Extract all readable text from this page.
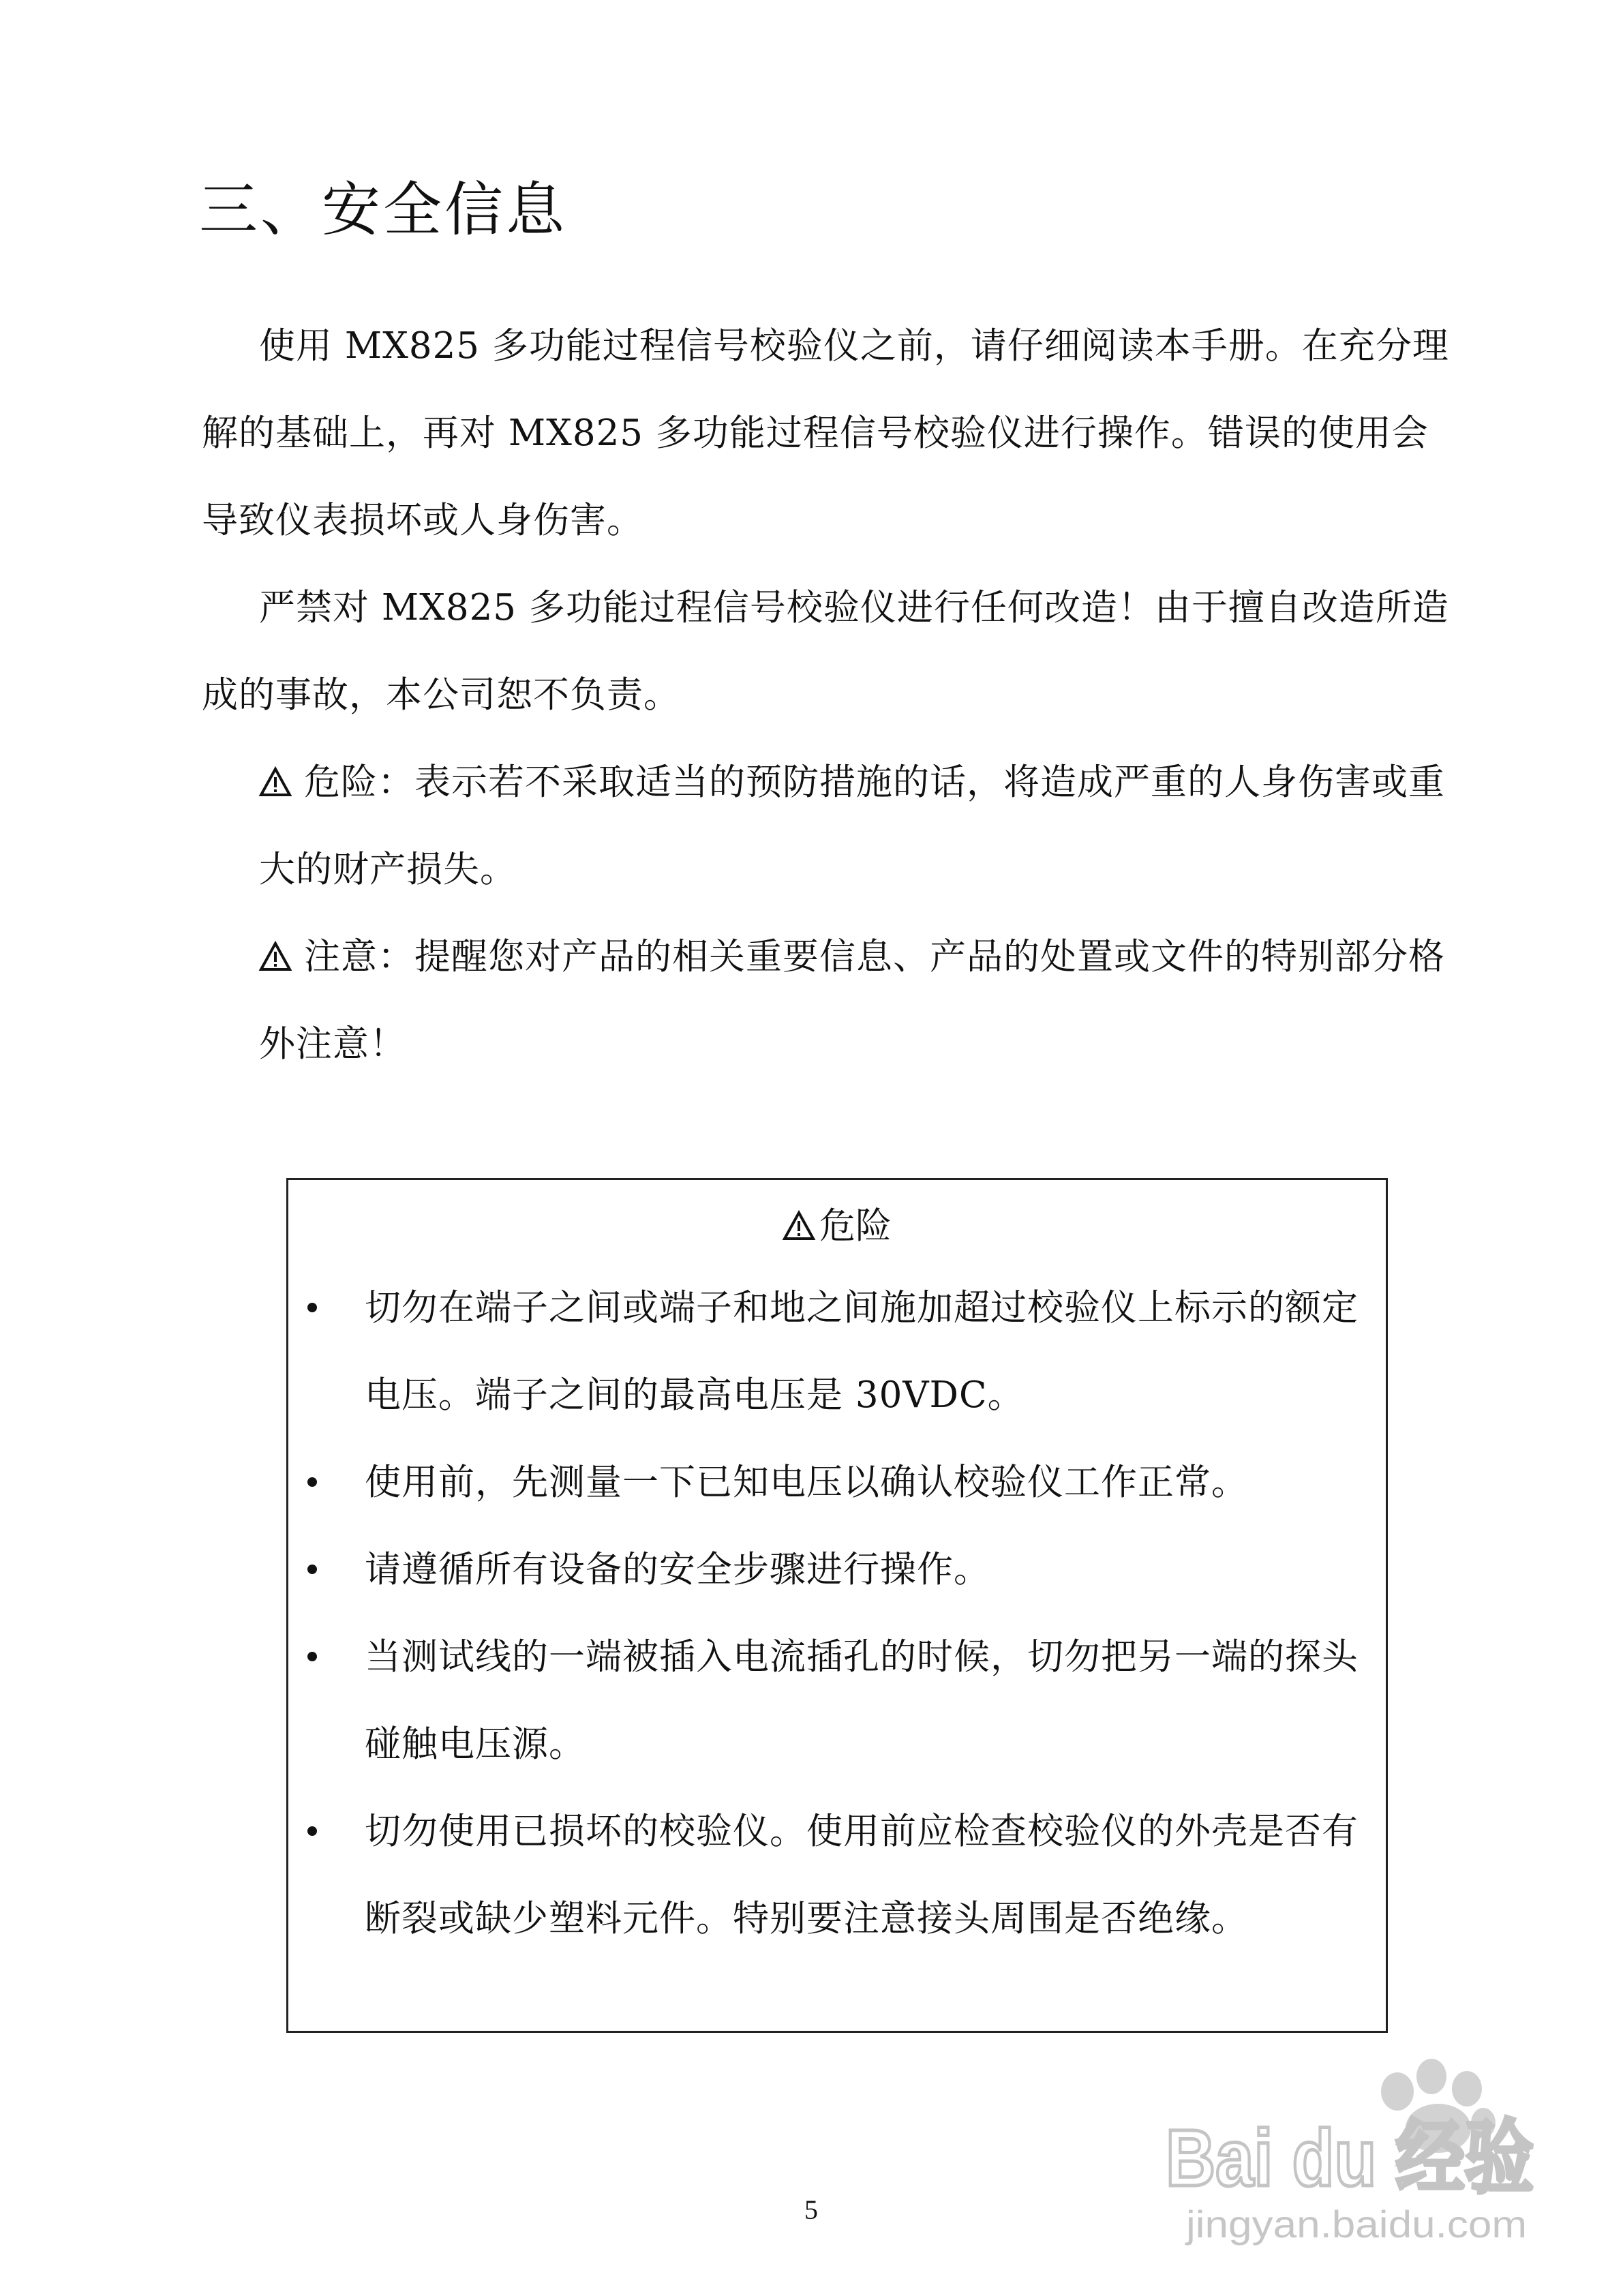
三、安全信息

使用 MX825 多功能过程信号校验仪之前，请仔细阅读本手册。在充分理解的基础上，再对 MX825 多功能过程信号校验仪进行操作。错误的使用会导致仪表损坏或人身伤害。

严禁对 MX825 多功能过程信号校验仪进行任何改造！由于擅自改造所造成的事故，本公司恕不负责。

危险：表示若不采取适当的预防措施的话，将造成严重的人身伤害或重大的财产损失。

注意：提醒您对产品的相关重要信息、产品的处置或文件的特别部分格外注意！

危险
切勿在端子之间或端子和地之间施加超过校验仪上标示的额定电压。端子之间的最高电压是 30VDC。
使用前，先测量一下已知电压以确认校验仪工作正常。
请遵循所有设备的安全步骤进行操作。
当测试线的一端被插入电流插孔的时候，切勿把另一端的探头碰触电压源。
切勿使用已损坏的校验仪。使用前应检查校验仪的外壳是否有断裂或缺少塑料元件。特别要注意接头周围是否绝缘。
Bai du 经验
jingyan.baidu.com
5
